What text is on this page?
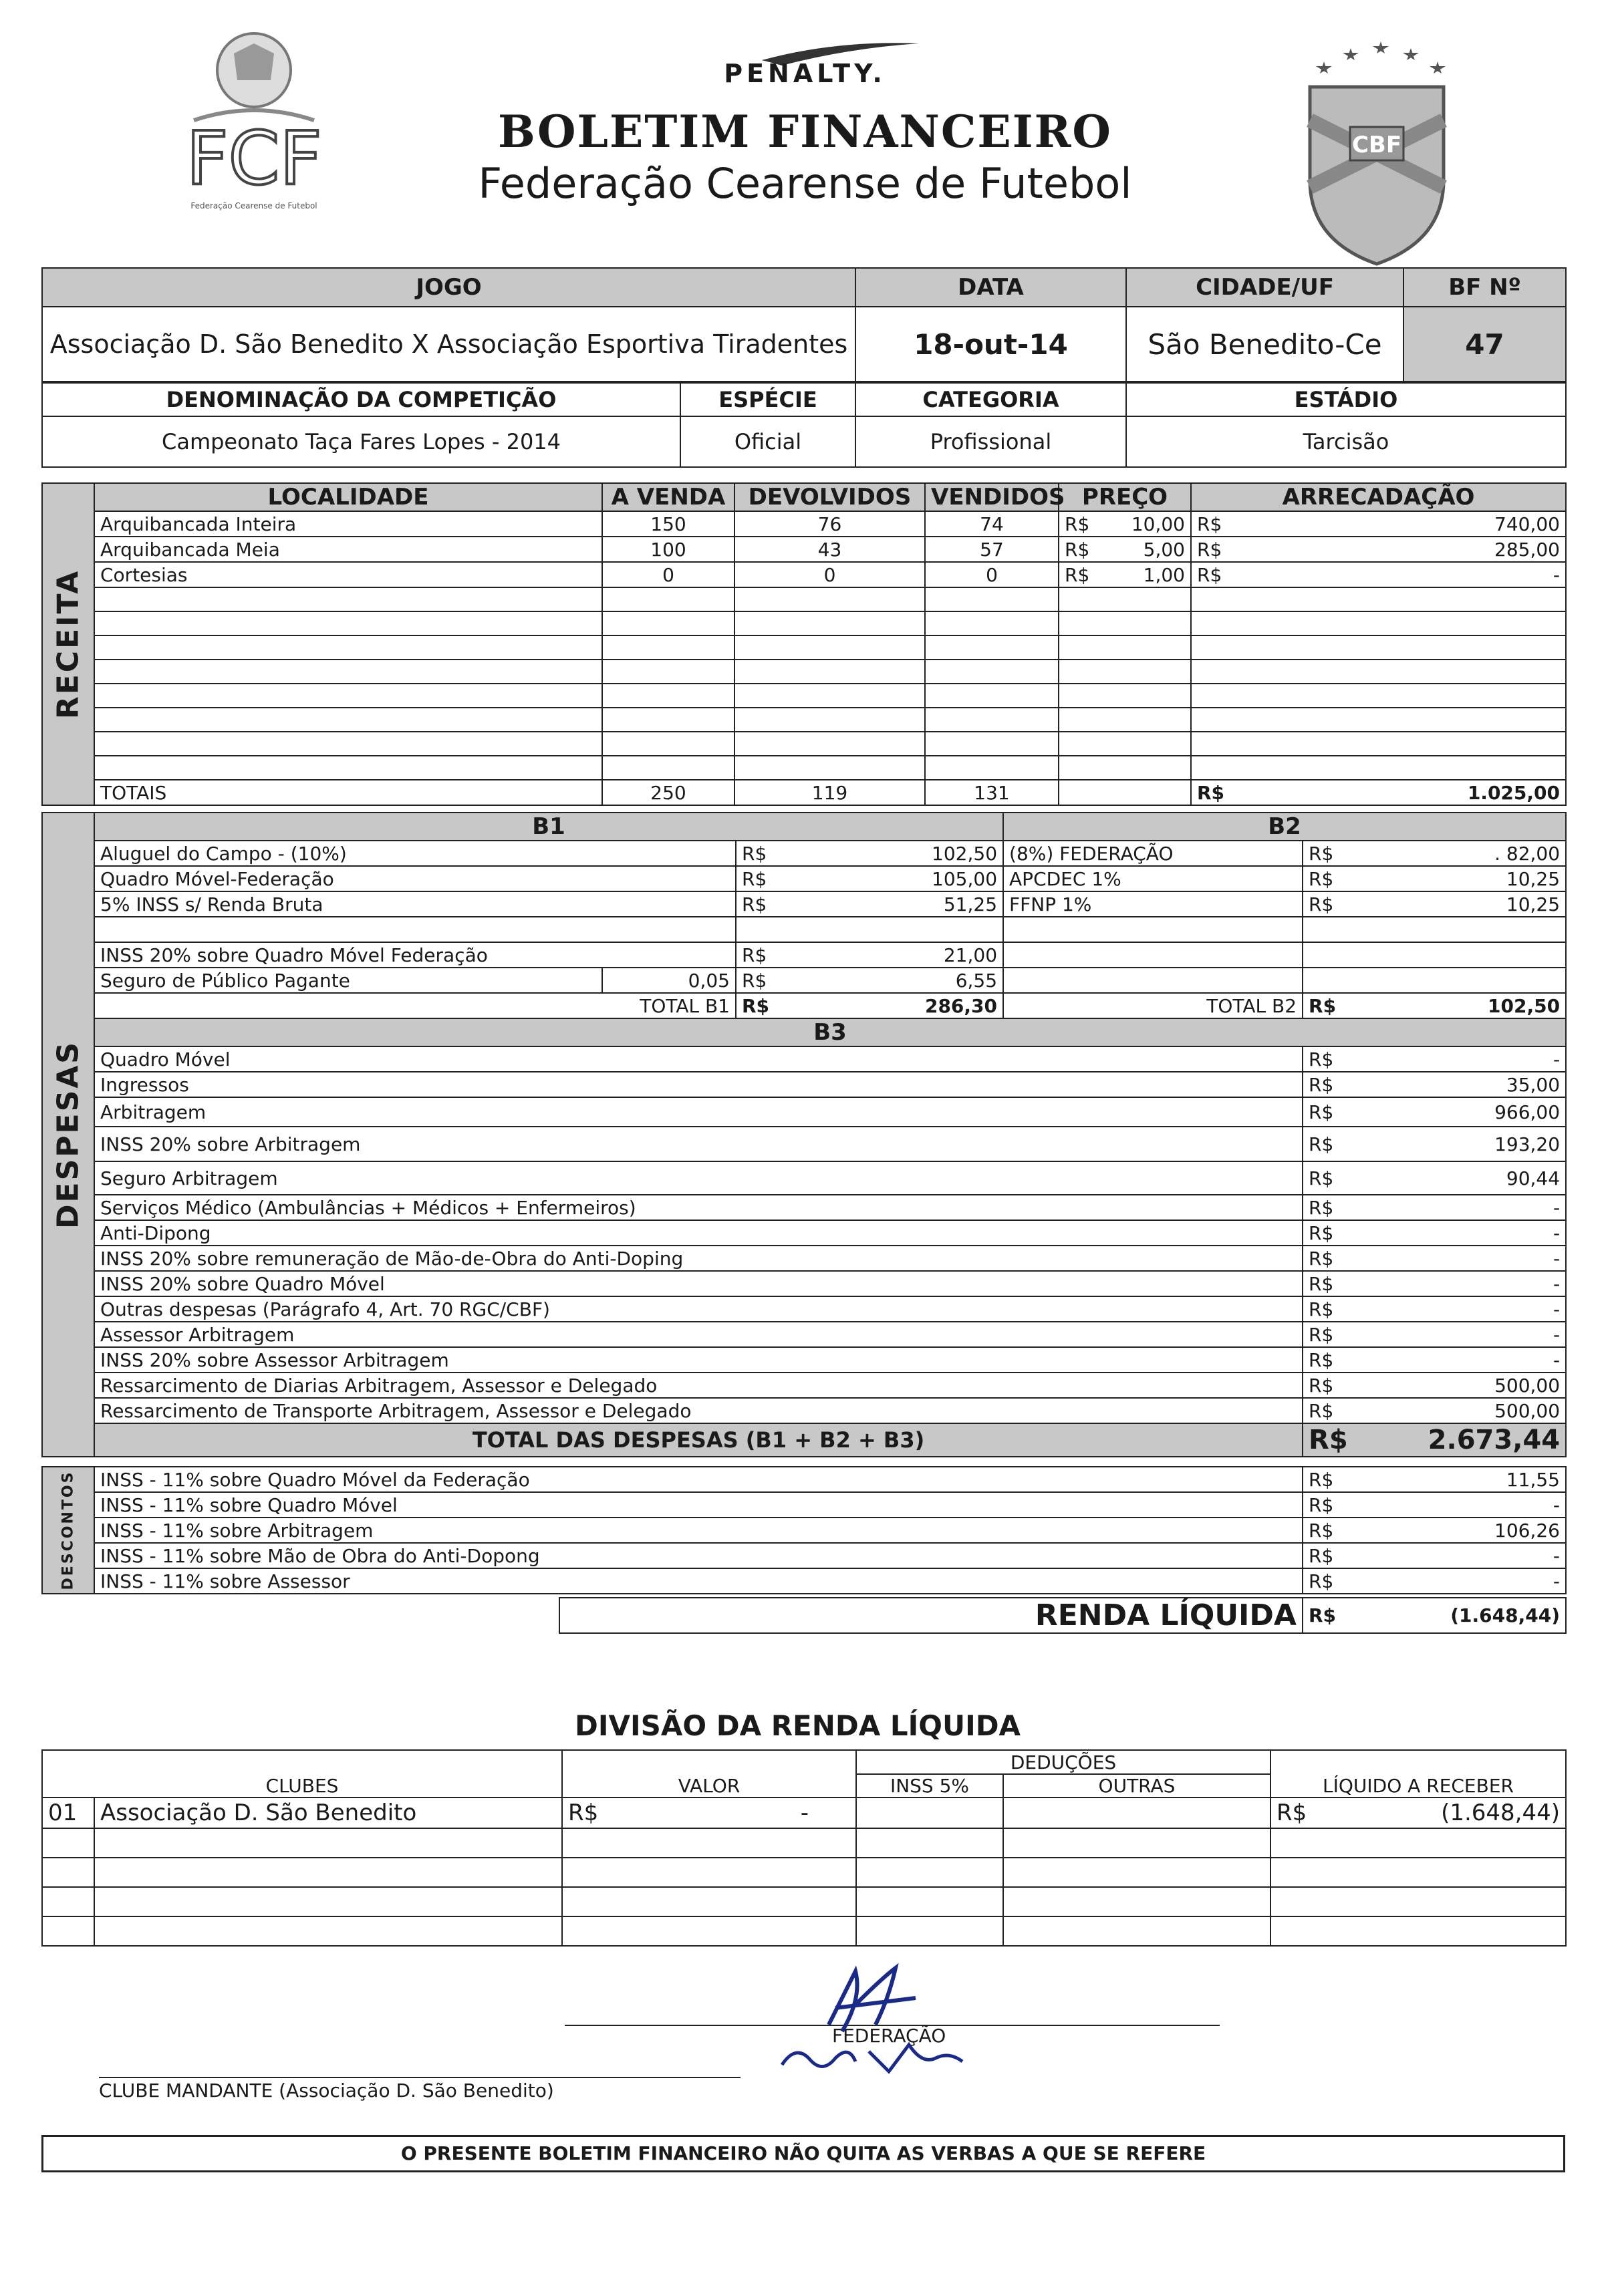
FCF
Federação Cearense de Futebol
PENALTY.
BOLETIM FINANCEIRO
Federação Cearense de Futebol
CBF
JOGO	DATA	CIDADE/UF	BF Nº
Associação D. São Benedito X Associação Esportiva Tiradentes	18-out-14	São Benedito-Ce	47
DENOMINAÇÃO DA COMPETIÇÃO	ESPÉCIE	CATEGORIA	ESTÁDIO
Campeonato Taça Fares Lopes - 2014	Oficial	Profissional	Tarcisão
RECEITA	LOCALIDADE	A VENDA	DEVOLVIDOS	VENDIDOS	PREÇO		ARRECADAÇÃO	
	Arquibancada Inteira	150	76	74	R$	10,00	R$	740,00
	Arquibancada Meia	100	43	57	R$	5,00	R$	285,00
	Cortesias	0	0	0	R$	1,00	R$	-

	TOTAIS	250	119	131			R$	1.025,00
DESPESAS	B1			B2		
	Aluguel do Campo - (10%)		R$ 102,50	(8%) FEDERAÇÃO	R$	. 82,00
	Quadro Móvel-Federação		R$ 105,00	APCDEC 1%	R$	10,25
	5% INSS s/ Renda Bruta		R$ 51,25	FFNP 1%	R$	10,25

	INSS 20% sobre Quadro Móvel Federação		R$ 21,00			

	Seguro de Público Pagante	0,05	R$ 6,55			

	TOTAL B1		R$ 286,30	TOTAL B2	R$	102,50
	B3					
	Quadro Móvel				R$	-
	Ingressos				R$	35,00
	Arbitragem				R$	966,00
	INSS 20% sobre Arbitragem				R$	193,20
	Seguro Arbitragem				R$	90,44
	Serviços Médico (Ambulâncias + Médicos + Enfermeiros)				R$	-
	Anti-Dipong				R$	-
	INSS 20% sobre remuneração de Mão-de-Obra do Anti-Doping				R$	-
	INSS 20% sobre Quadro Móvel				R$	-
	Outras despesas (Parágrafo 4, Art. 70 RGC/CBF)				R$	-
	Assessor Arbitragem				R$	-
	INSS 20% sobre Assessor Arbitragem				R$	-
	Ressarcimento de Diarias Arbitragem, Assessor e Delegado				R$	500,00
	Ressarcimento de Transporte Arbitragem, Assessor e Delegado				R$	500,00
	TOTAL DAS DESPESAS (B1 + B2 + B3)				R$	2.673,44
DESCONTOS	INSS - 11% sobre Quadro Móvel da Federação	R$	11,55
	INSS - 11% sobre Quadro Móvel	R$	-
	INSS - 11% sobre Arbitragem	R$	106,26
	INSS - 11% sobre Mão de Obra do Anti-Dopong	R$	-
	INSS - 11% sobre Assessor	R$	-
RENDA LÍQUIDA	R$	(1.648,44)
DIVISÃO DA RENDA LÍQUIDA
CLUBES		VALOR	DEDUÇÕES		LÍQUIDO A RECEBER	
			INSS 5%	OUTRAS		
01	Associação D. São Benedito	R$ -			R$	(1.648,44)

FEDERAÇÃO
CLUBE MANDANTE (Associação D. São Benedito)
O PRESENTE BOLETIM FINANCEIRO NÃO QUITA AS VERBAS A QUE SE REFERE
